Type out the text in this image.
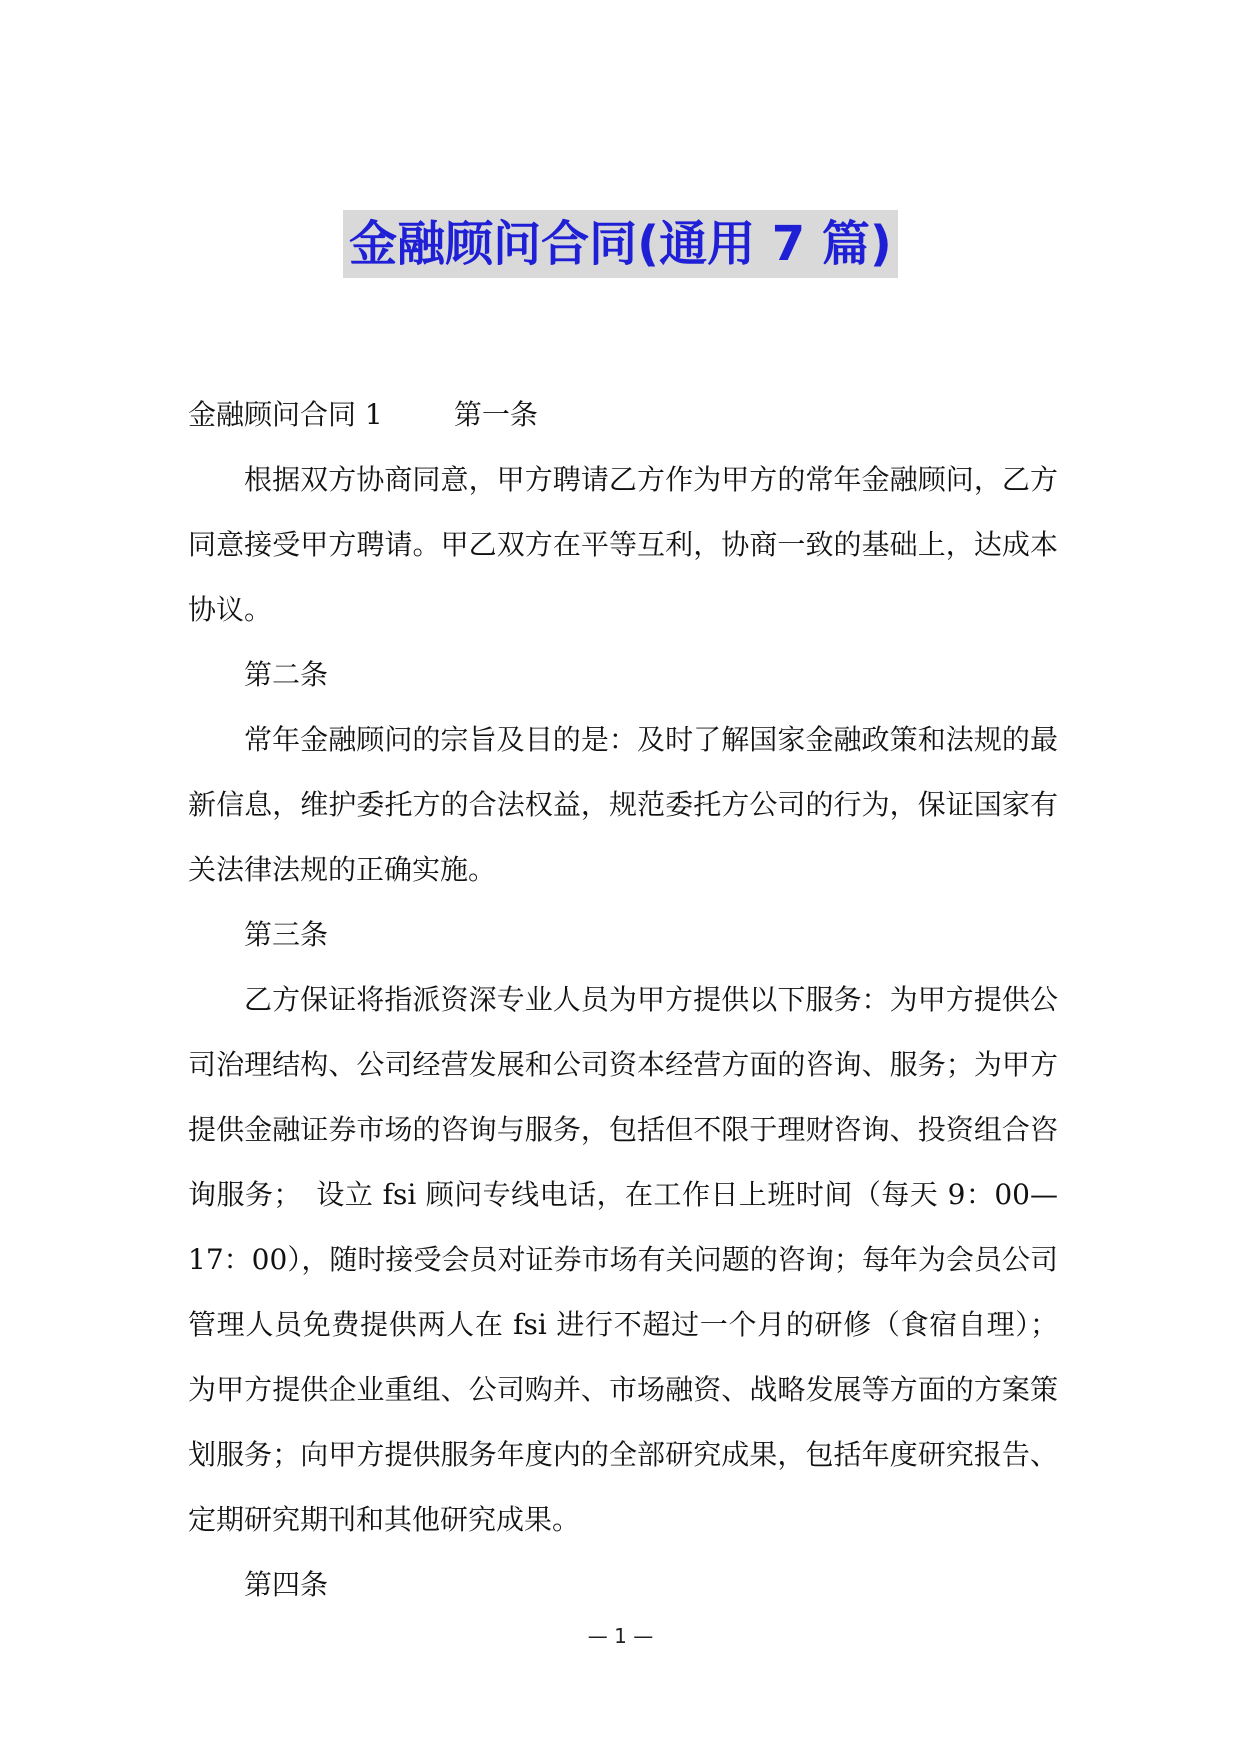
金融顾问合同(通用 7 篇)

金融顾问合同 1	第一条

根据双方协商同意，甲方聘请乙方作为甲方的常年金融顾问，乙方同意接受甲方聘请。甲乙双方在平等互利，协商一致的基础上，达成本协议。

第二条

常年金融顾问的宗旨及目的是：及时了解国家金融政策和法规的最新信息，维护委托方的合法权益，规范委托方公司的行为，保证国家有关法律法规的正确实施。

第三条

乙方保证将指派资深专业人员为甲方提供以下服务：为甲方提供公司治理结构、公司经营发展和公司资本经营方面的咨询、服务；为甲方提供金融证券市场的咨询与服务，包括但不限于理财咨询、投资组合咨询服务；　设立 fsi 顾问专线电话，在工作日上班时间（每天 9：00—17：00），随时接受会员对证券市场有关问题的咨询；每年为会员公司管理人员免费提供两人在 fsi 进行不超过一个月的研修（食宿自理）；为甲方提供企业重组、公司购并、市场融资、战略发展等方面的方案策划服务；向甲方提供服务年度内的全部研究成果，包括年度研究报告、定期研究期刊和其他研究成果。

第四条

— 1 —
